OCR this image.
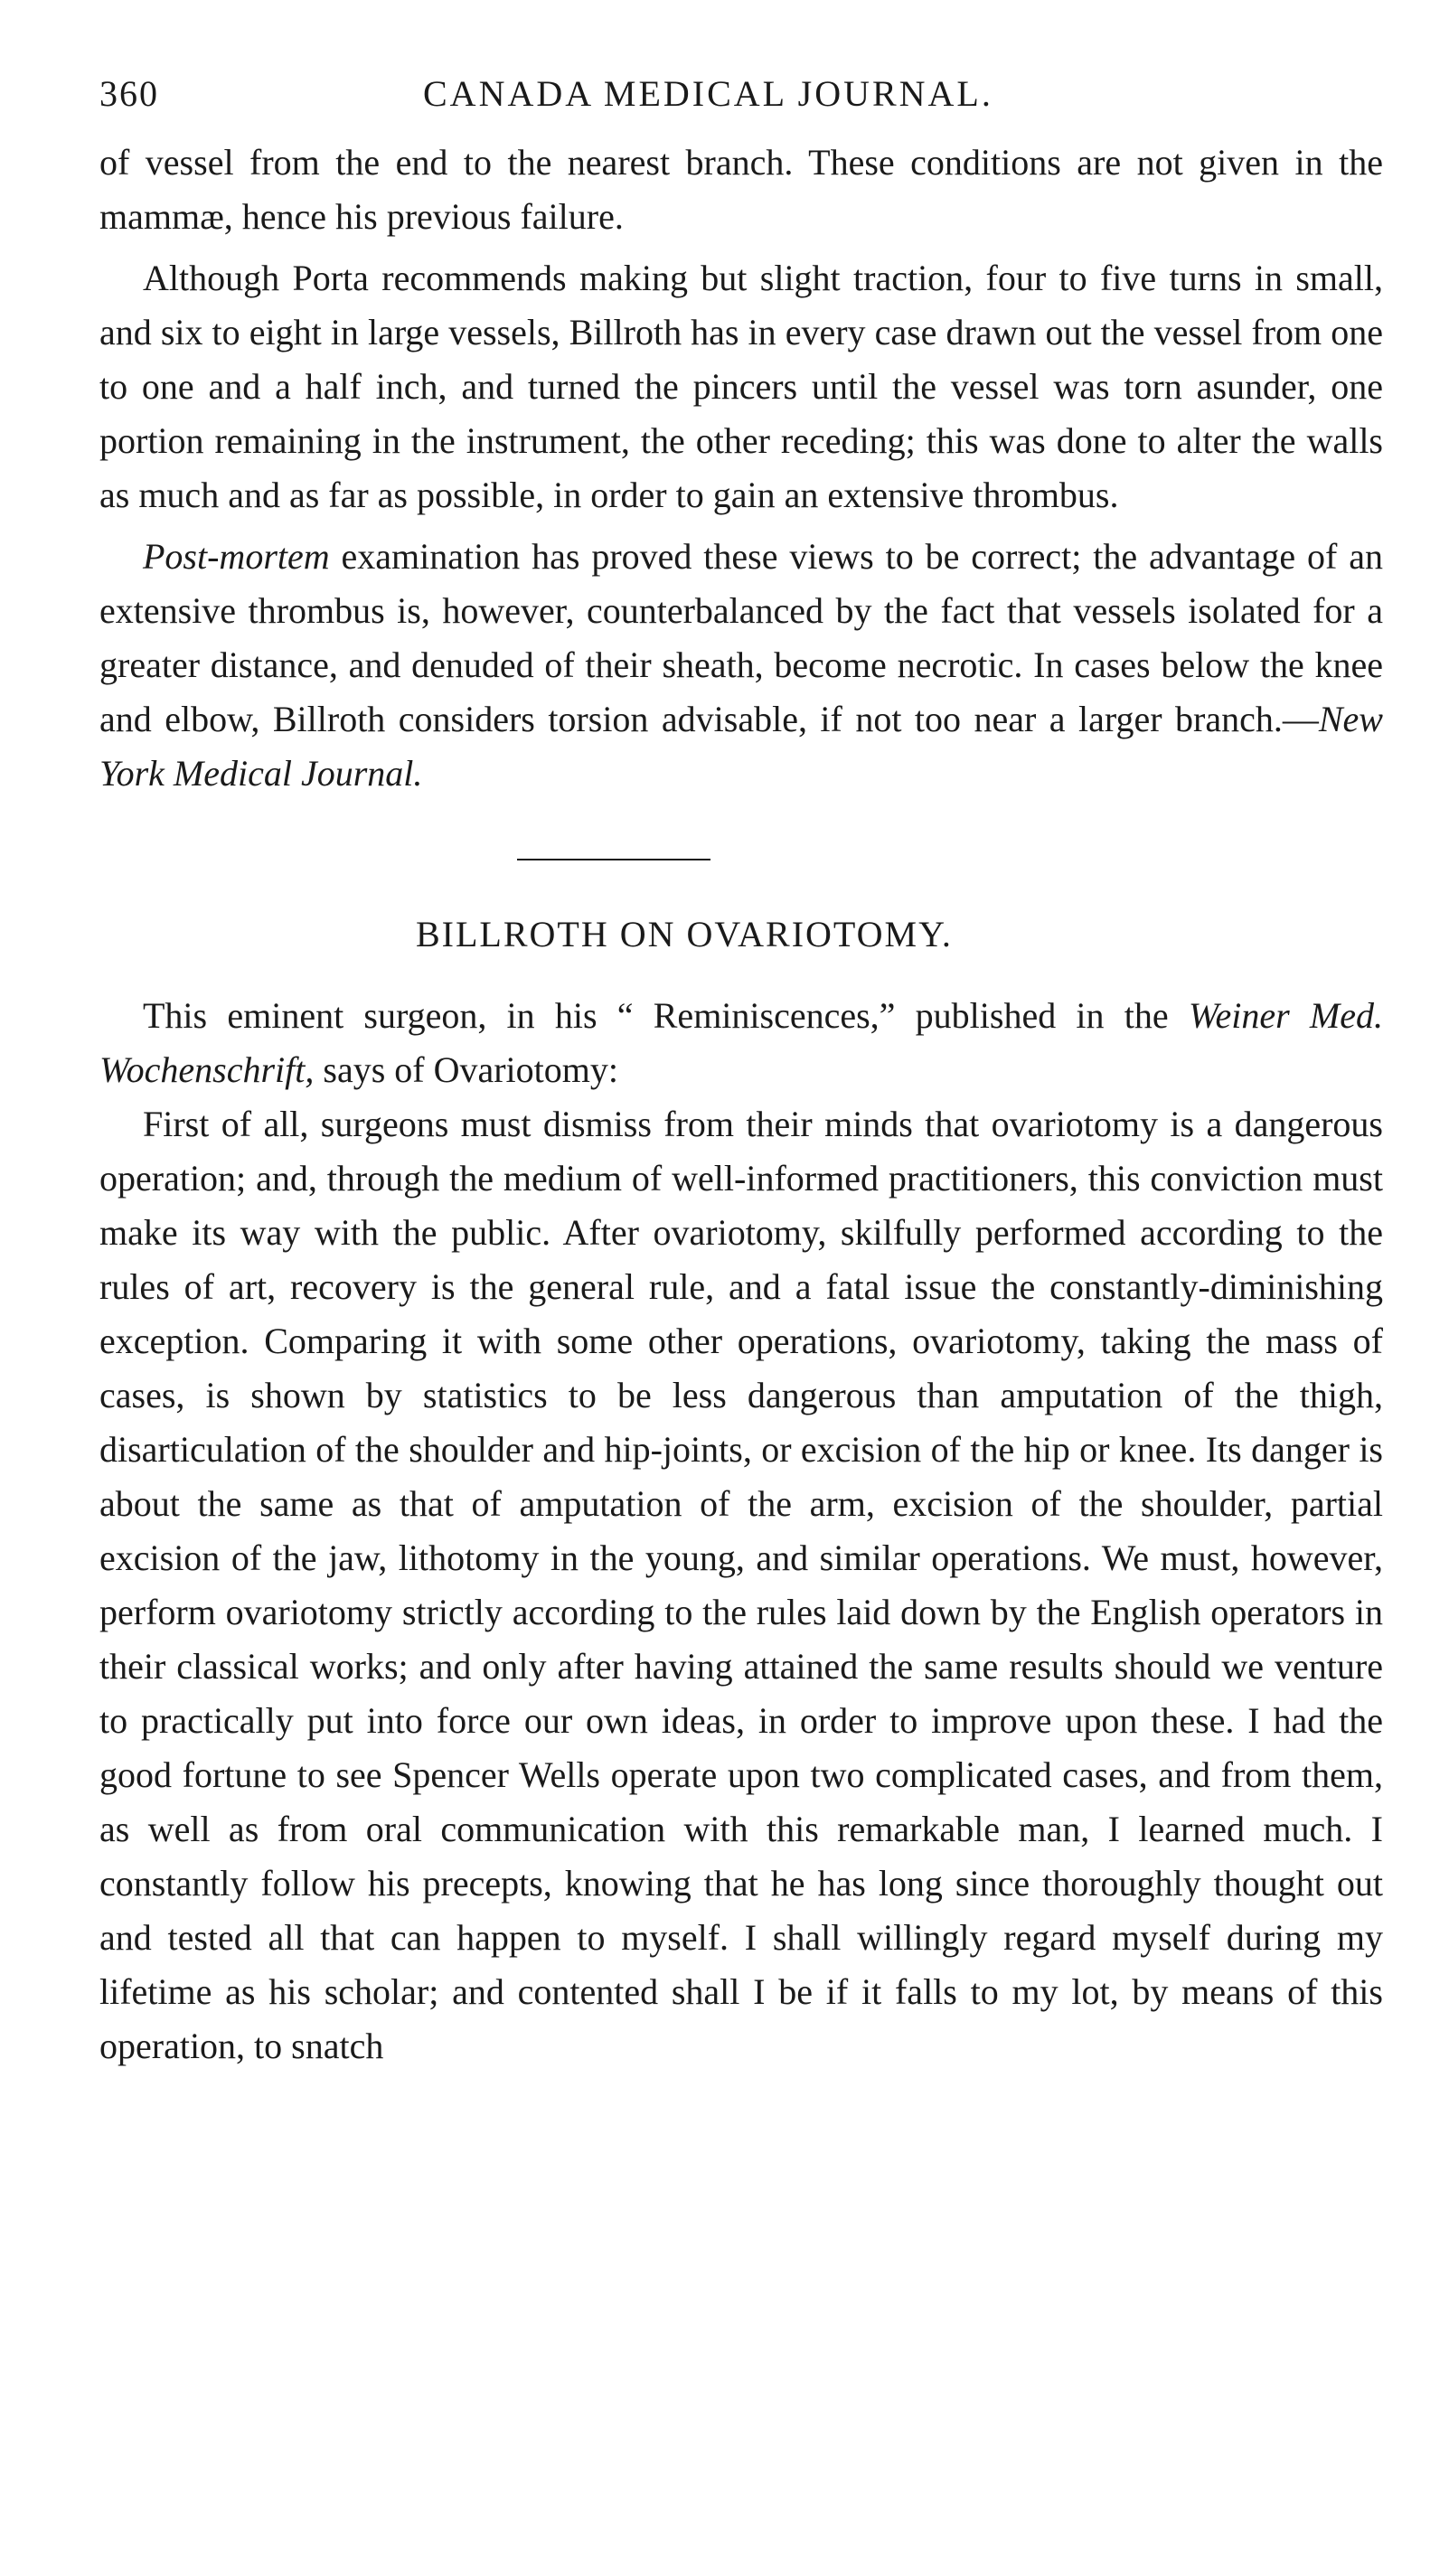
360	CANADA MEDICAL JOURNAL.

of vessel from the end to the nearest branch. These conditions are not given in the mammæ, hence his previous failure.

Although Porta recommends making but slight traction, four to five turns in small, and six to eight in large vessels, Billroth has in every case drawn out the vessel from one to one and a half inch, and turned the pincers until the vessel was torn asunder, one portion remaining in the instrument, the other receding; this was done to alter the walls as much and as far as possible, in order to gain an extensive thrombus.

Post-mortem examination has proved these views to be correct; the advantage of an extensive thrombus is, however, counterbalanced by the fact that vessels isolated for a greater distance, and denuded of their sheath, become necrotic. In cases below the knee and elbow, Billroth considers torsion advisable, if not too near a larger branch.—New York Medical Journal.

BILLROTH ON OVARIOTOMY.

This eminent surgeon, in his “ Reminiscences,” published in the Weiner Med. Wochenschrift, says of Ovariotomy:

First of all, surgeons must dismiss from their minds that ovariotomy is a dangerous operation; and, through the medium of well-informed practitioners, this conviction must make its way with the public. After ovariotomy, skilfully performed according to the rules of art, recovery is the general rule, and a fatal issue the constantly-diminishing exception. Comparing it with some other operations, ovariotomy, taking the mass of cases, is shown by statistics to be less dangerous than amputation of the thigh, disarticulation of the shoulder and hip-joints, or excision of the hip or knee. Its danger is about the same as that of amputation of the arm, excision of the shoulder, partial excision of the jaw, lithotomy in the young, and similar operations. We must, however, perform ovariotomy strictly according to the rules laid down by the English operators in their classical works; and only after having attained the same results should we venture to practically put into force our own ideas, in order to improve upon these. I had the good fortune to see Spencer Wells operate upon two complicated cases, and from them, as well as from oral communication with this remarkable man, I learned much. I constantly follow his precepts, knowing that he has long since thoroughly thought out and tested all that can happen to myself. I shall willingly regard myself during my lifetime as his scholar; and contented shall I be if it falls to my lot, by means of this operation, to snatch
